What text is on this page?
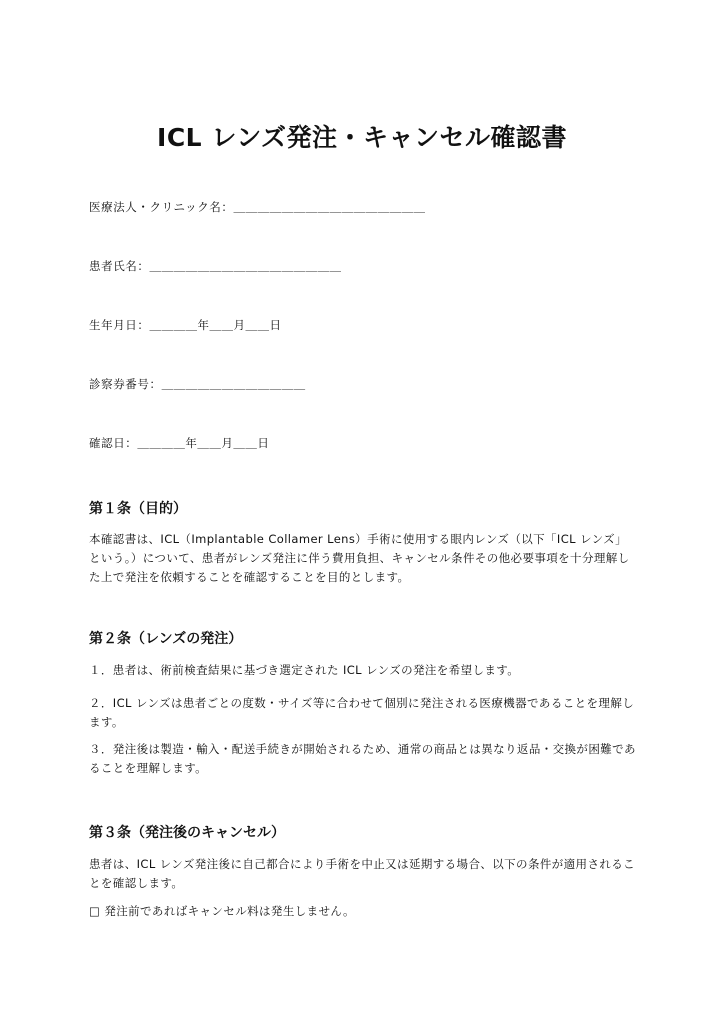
ICL レンズ発注・キャンセル確認書
医療法人・クリニック名：＿＿＿＿＿＿＿＿＿＿＿＿＿＿＿＿
患者氏名：＿＿＿＿＿＿＿＿＿＿＿＿＿＿＿＿
生年月日：＿＿＿＿年＿＿月＿＿日
診察券番号：＿＿＿＿＿＿＿＿＿＿＿＿
確認日：＿＿＿＿年＿＿月＿＿日
第１条（目的）

本確認書は、ICL（Implantable Collamer Lens）手術に使用する眼内レンズ（以下「ICL レンズ」という。）について、患者がレンズ発注に伴う費用負担、キャンセル条件その他必要事項を十分理解した上で発注を依頼することを確認することを目的とします。

第２条（レンズの発注）

１．患者は、術前検査結果に基づき選定された ICL レンズの発注を希望します。

２．ICL レンズは患者ごとの度数・サイズ等に合わせて個別に発注される医療機器であることを理解します。

３．発注後は製造・輸入・配送手続きが開始されるため、通常の商品とは異なり返品・交換が困難であることを理解します。

第３条（発注後のキャンセル）

患者は、ICL レンズ発注後に自己都合により手術を中止又は延期する場合、以下の条件が適用されることを確認します。

□ 発注前であればキャンセル料は発生しません。
